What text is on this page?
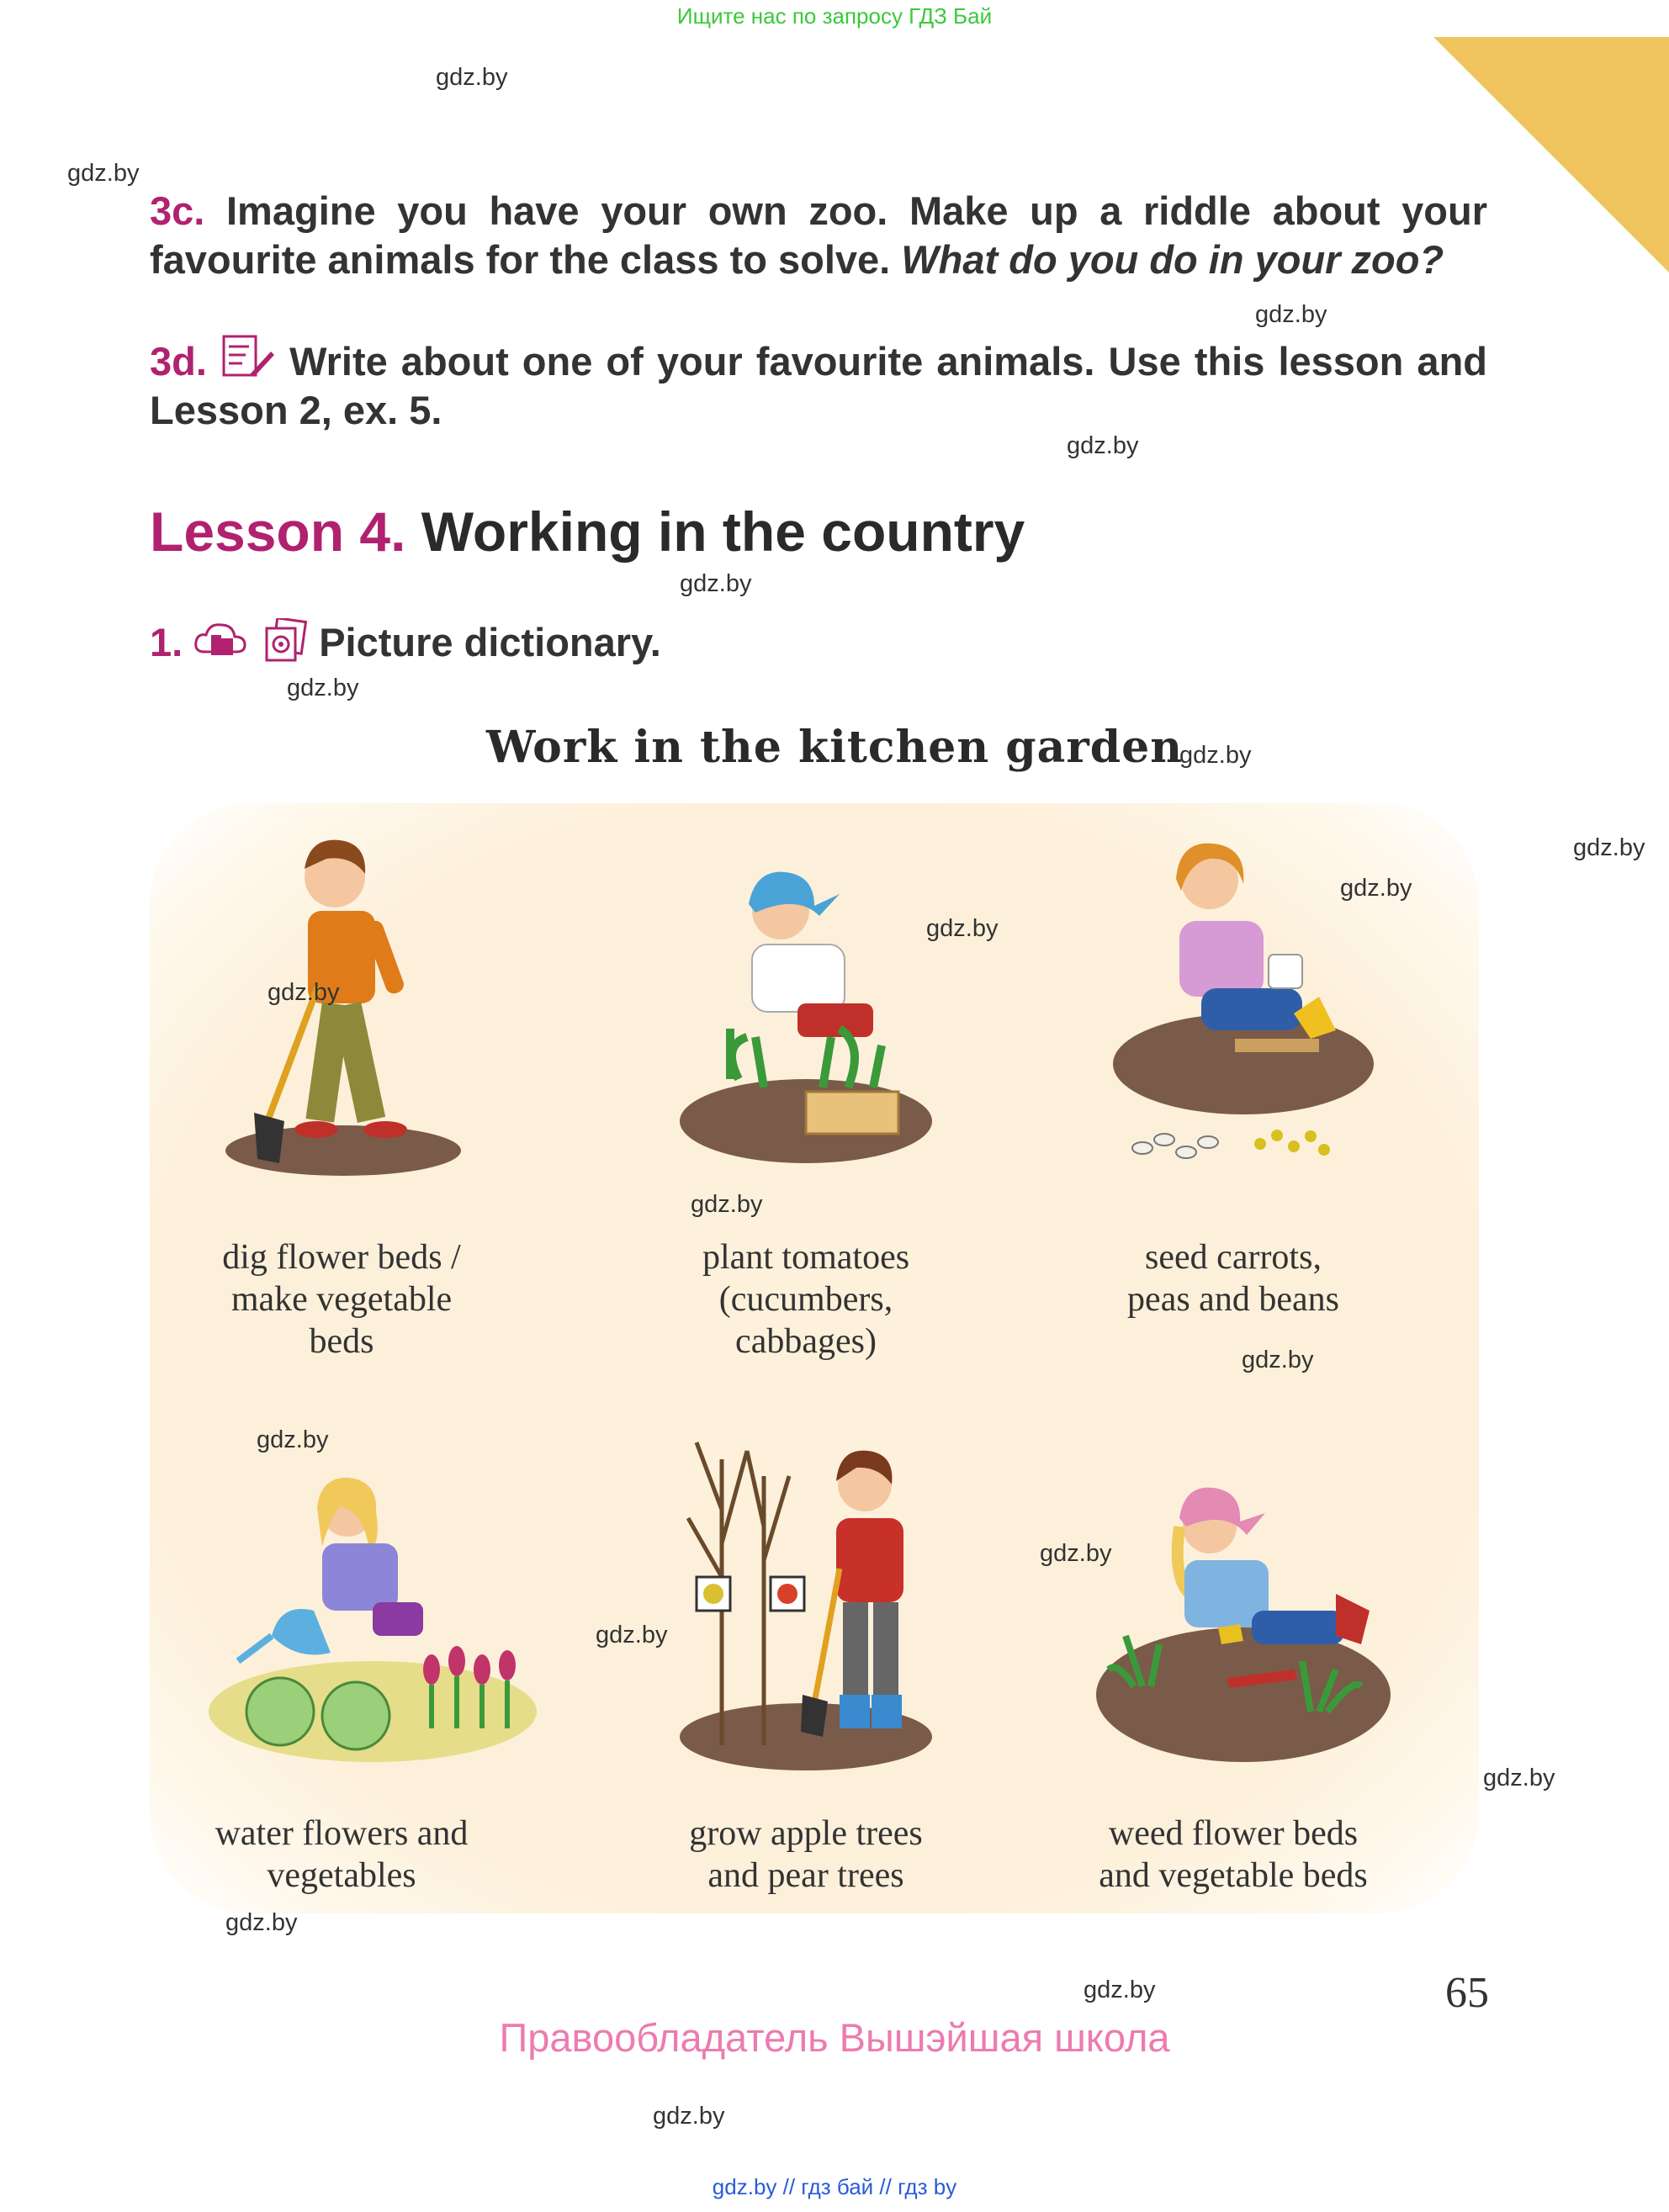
Ищите нас по запросу ГДЗ Бай
gdz.by
gdz.by
gdz.by
gdz.by
gdz.by
gdz.by
gdz.by
gdz.by
3c. Imagine you have your own zoo. Make up a riddle about your favourite animals for the class to solve. What do you do in your zoo?
3d. Write about one of your favourite animals. Use this lesson and Lesson 2, ex. 5.
Lesson 4. Working in the country
1.	Picture dictionary.
Work in the kitchen garden
dig flower beds /
make vegetable
beds
plant tomatoes
(cucumbers,
cabbages)
seed carrots,
peas and beans
water flowers and
vegetables
grow apple trees
and pear trees
weed flower beds
and vegetable beds
gdz.by
gdz.by
gdz.by
gdz.by
gdz.by
gdz.by
gdz.by
gdz.by
gdz.by
gdz.by
gdz.by
gdz.by
65
Правообладатель Вышэйшая школа
gdz.by // гдз бай // гдз by
